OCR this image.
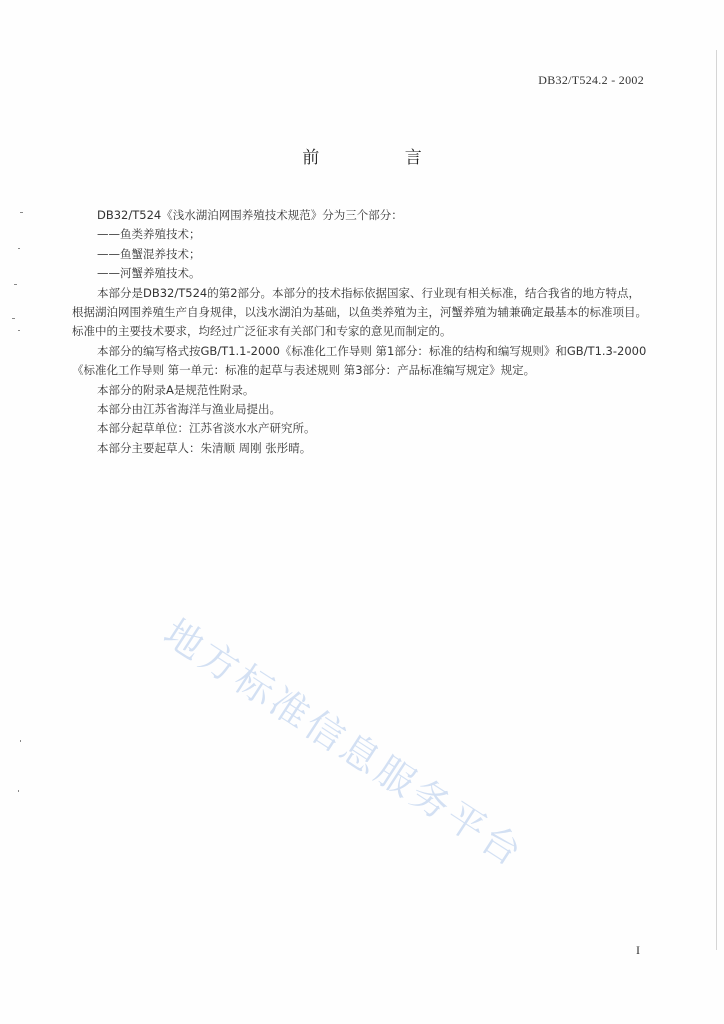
DB32/T524.2 - 2002
前 言

DB32/T524《浅水湖泊网围养殖技术规范》分为三个部分：

——鱼类养殖技术；

——鱼蟹混养技术；

——河蟹养殖技术。

本部分是DB32/T524的第2部分。本部分的技术指标依据国家、行业现有相关标准，结合我省的地方特点，根据湖泊网围养殖生产自身规律，以浅水湖泊为基础，以鱼类养殖为主，河蟹养殖为辅兼确定最基本的标准项目。标准中的主要技术要求，均经过广泛征求有关部门和专家的意见而制定的。

本部分的编写格式按GB/T1.1-2000《标准化工作导则 第1部分：标准的结构和编写规则》和GB/T1.3-2000《标准化工作导则 第一单元：标准的起草与表述规则 第3部分：产品标准编写规定》规定。

本部分的附录A是规范性附录。

本部分由江苏省海洋与渔业局提出。

本部分起草单位：江苏省淡水水产研究所。

本部分主要起草人：朱清顺 周刚 张彤晴。

地方标准信息服务平台
I
